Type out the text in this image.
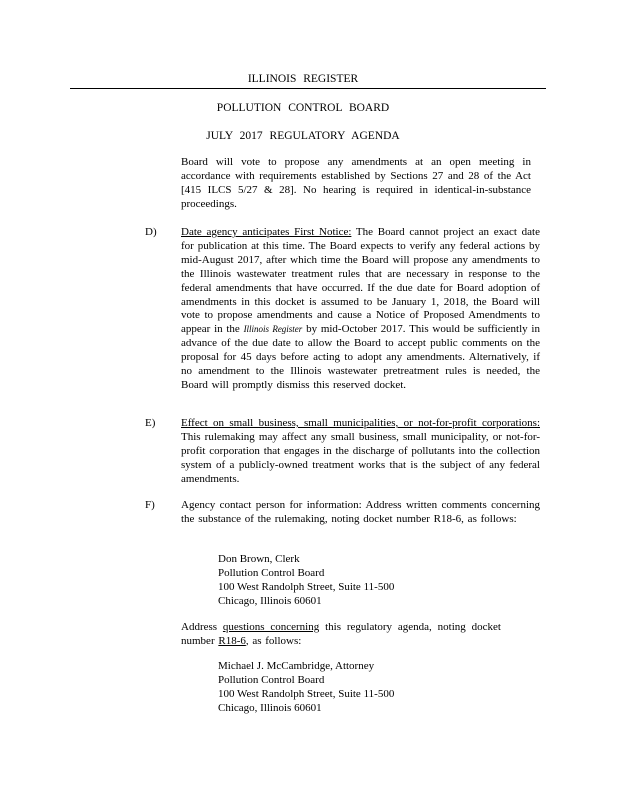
ILLINOIS REGISTER
POLLUTION CONTROL BOARD
JULY 2017 REGULATORY AGENDA
Board will vote to propose any amendments at an open meeting in accordance with requirements established by Sections 27 and 28 of the Act [415 ILCS 5/27 & 28]. No hearing is required in identical-in-substance proceedings.
D) Date agency anticipates First Notice: The Board cannot project an exact date for publication at this time. The Board expects to verify any federal actions by mid-August 2017, after which time the Board will propose any amendments to the Illinois wastewater treatment rules that are necessary in response to the federal amendments that have occurred. If the due date for Board adoption of amendments in this docket is assumed to be January 1, 2018, the Board will vote to propose amendments and cause a Notice of Proposed Amendments to appear in the Illinois Register by mid-October 2017. This would be sufficiently in advance of the due date to allow the Board to accept public comments on the proposal for 45 days before acting to adopt any amendments. Alternatively, if no amendment to the Illinois wastewater pretreatment rules is needed, the Board will promptly dismiss this reserved docket.
E) Effect on small business, small municipalities, or not-for-profit corporations: This rulemaking may affect any small business, small municipality, or not-for-profit corporation that engages in the discharge of pollutants into the collection system of a publicly-owned treatment works that is the subject of any federal amendments.
F) Agency contact person for information: Address written comments concerning the substance of the rulemaking, noting docket number R18-6, as follows:
Don Brown, Clerk
Pollution Control Board
100 West Randolph Street, Suite 11-500
Chicago, Illinois 60601
Address questions concerning this regulatory agenda, noting docket number R18-6, as follows:
Michael J. McCambridge, Attorney
Pollution Control Board
100 West Randolph Street, Suite 11-500
Chicago, Illinois 60601
